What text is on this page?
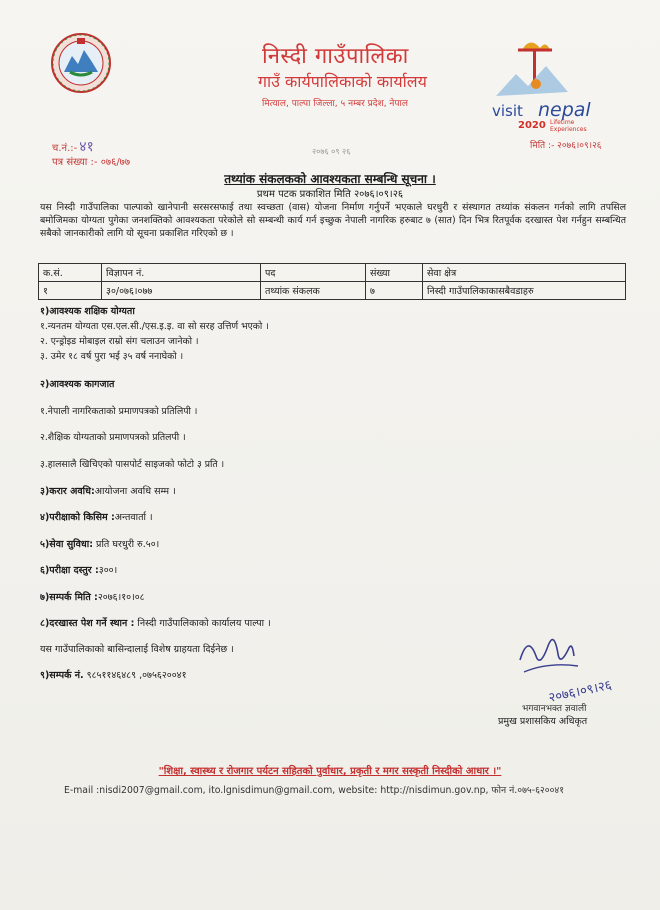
निस्दी गाउँपालिका
गाउँ कार्यपालिकाको कार्यालय
मित्याल, पाल्पा जिल्ला, ५ नम्बर प्रदेश, नेपाल
२०७६ ०९ २६
visit nepal
2020 Lifetime
Experiences
च.नं.:- ४१
पत्र संख्या :- ०७६/७७
मिति :- २०७६।०९।२६
तथ्यांक संकलकको आवश्यकता सम्बन्धि सूचना ।
प्रथम पटक प्रकाशित मिति २०७६।०९।२६
यस निस्दी गाउँपालिका पाल्पाको खानेपानी सरसरसफाई तथा स्वच्छता (वास) योजना निर्माण गर्नुपर्ने भएकाले घरधुरी र संस्थागत तथ्यांक संकलन गर्नको लागि तपसिल बमोजिमका योग्यता पुगेका जनशक्तिको आवश्यकता परेकोले सो सम्बन्धी कार्य गर्न इच्छुक नेपाली नागरिक हरुबाट ७ (सात) दिन भित्र रितपूर्वक दरखास्त पेश गर्नहुन सम्बन्धित सबैको जानकारीको लागि यो सूचना प्रकाशित गरिएको छ ।
क.सं.	विज्ञापन नं.	पद	संख्या	सेवा क्षेत्र
१	३०/०७६।०७७	तथ्यांक संकलक	७	निस्दी गाउँपालिकाकासबैवडाहरु
१)आवश्यक शक्षिक योग्यता
१.न्यनतम योग्यता एस.एल.सी./एस.इ.इ. वा सो सरह उत्तिर्ण भएको ।
२. एन्ड्रोइड मोबाइल राम्रो संग चलाउन जानेको ।
३. उमेर १८ वर्ष पुरा भई ३५ वर्ष ननाघेको ।
२)आवश्यक कागजात
१.नेपाली नागरिकताको प्रमाणपत्रको प्रतिलिपी ।
२.शैक्षिक योग्यताको प्रमाणपत्रको प्रतिलपी ।
३.हालसालै खिचिएको पासपोर्ट साइजको फोटो ३ प्रति ।
३)करार अवधि:आयोजना अवधि सम्म ।
४)परीक्षाको किसिम :अन्तवार्ता ।
५)सेवा सुविधा: प्रति घरधुरी रु.५०।
६)परीक्षा दस्तुर :३००।
७)सम्पर्क मिति :२०७६।१०।०८
८)दरखास्त पेश गर्ने स्थान : निस्दी गाउँपालिकाको कार्यालय पाल्पा ।
यस गाउँपालिकाको बासिन्दालाई विशेष ग्राहयता दिईनेछ ।
९)सम्पर्क नं. ९८५११४६४८९ ,०७५६२००४१
२०७६।०९।२६
भगवानभक्त ज्ञवाली
प्रमुख प्रशासकिय अधिकृत
"शिक्षा, स्वास्थ्य र रोजगार पर्यटन सहितको पुर्वाधार, प्रकृती र मगर सस्कृती निस्दीको आधार ।"
E-mail :nisdi2007@gmail.com, ito.lgnisdimun@gmail.com, website: http://nisdimun.gov.np, फोन नं.०७५-६२००४१
